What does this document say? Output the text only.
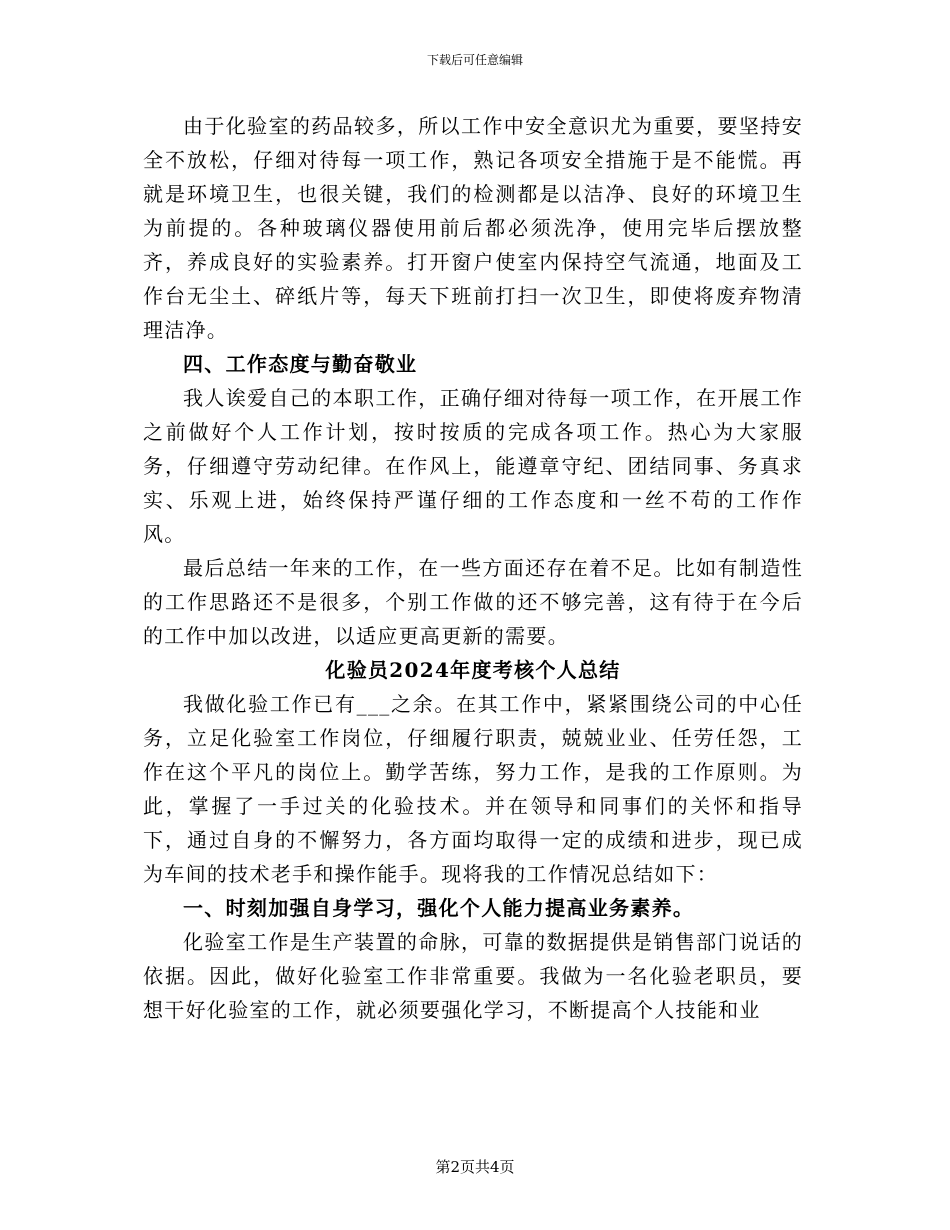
下载后可任意编辑

由于化验室的药品较多，所以工作中安全意识尤为重要，要坚持安全不放松，仔细对待每一项工作，熟记各项安全措施于是不能慌。再就是环境卫生，也很关键，我们的检测都是以洁净、良好的环境卫生为前提的。各种玻璃仪器使用前后都必须洗净，使用完毕后摆放整齐，养成良好的实验素养。打开窗户使室内保持空气流通，地面及工作台无尘土、碎纸片等，每天下班前打扫一次卫生，即使将废弃物清理洁净。

四、工作态度与勤奋敬业

我人诶爱自己的本职工作，正确仔细对待每一项工作，在开展工作之前做好个人工作计划，按时按质的完成各项工作。热心为大家服务，仔细遵守劳动纪律。在作风上，能遵章守纪、团结同事、务真求实、乐观上进，始终保持严谨仔细的工作态度和一丝不苟的工作作风。

最后总结一年来的工作，在一些方面还存在着不足。比如有制造性的工作思路还不是很多，个别工作做的还不够完善，这有待于在今后的工作中加以改进，以适应更高更新的需要。

化验员2024年度考核个人总结

我做化验工作已有___之余。在其工作中，紧紧围绕公司的中心任务，立足化验室工作岗位，仔细履行职责，兢兢业业、任劳任怨，工作在这个平凡的岗位上。勤学苦练，努力工作，是我的工作原则。为此，掌握了一手过关的化验技术。并在领导和同事们的关怀和指导下，通过自身的不懈努力，各方面均取得一定的成绩和进步，现已成为车间的技术老手和操作能手。现将我的工作情况总结如下：

一、时刻加强自身学习，强化个人能力提高业务素养。

化验室工作是生产装置的命脉，可靠的数据提供是销售部门说话的依据。因此，做好化验室工作非常重要。我做为一名化验老职员，要想干好化验室的工作，就必须要强化学习，不断提高个人技能和业

第2页共4页
